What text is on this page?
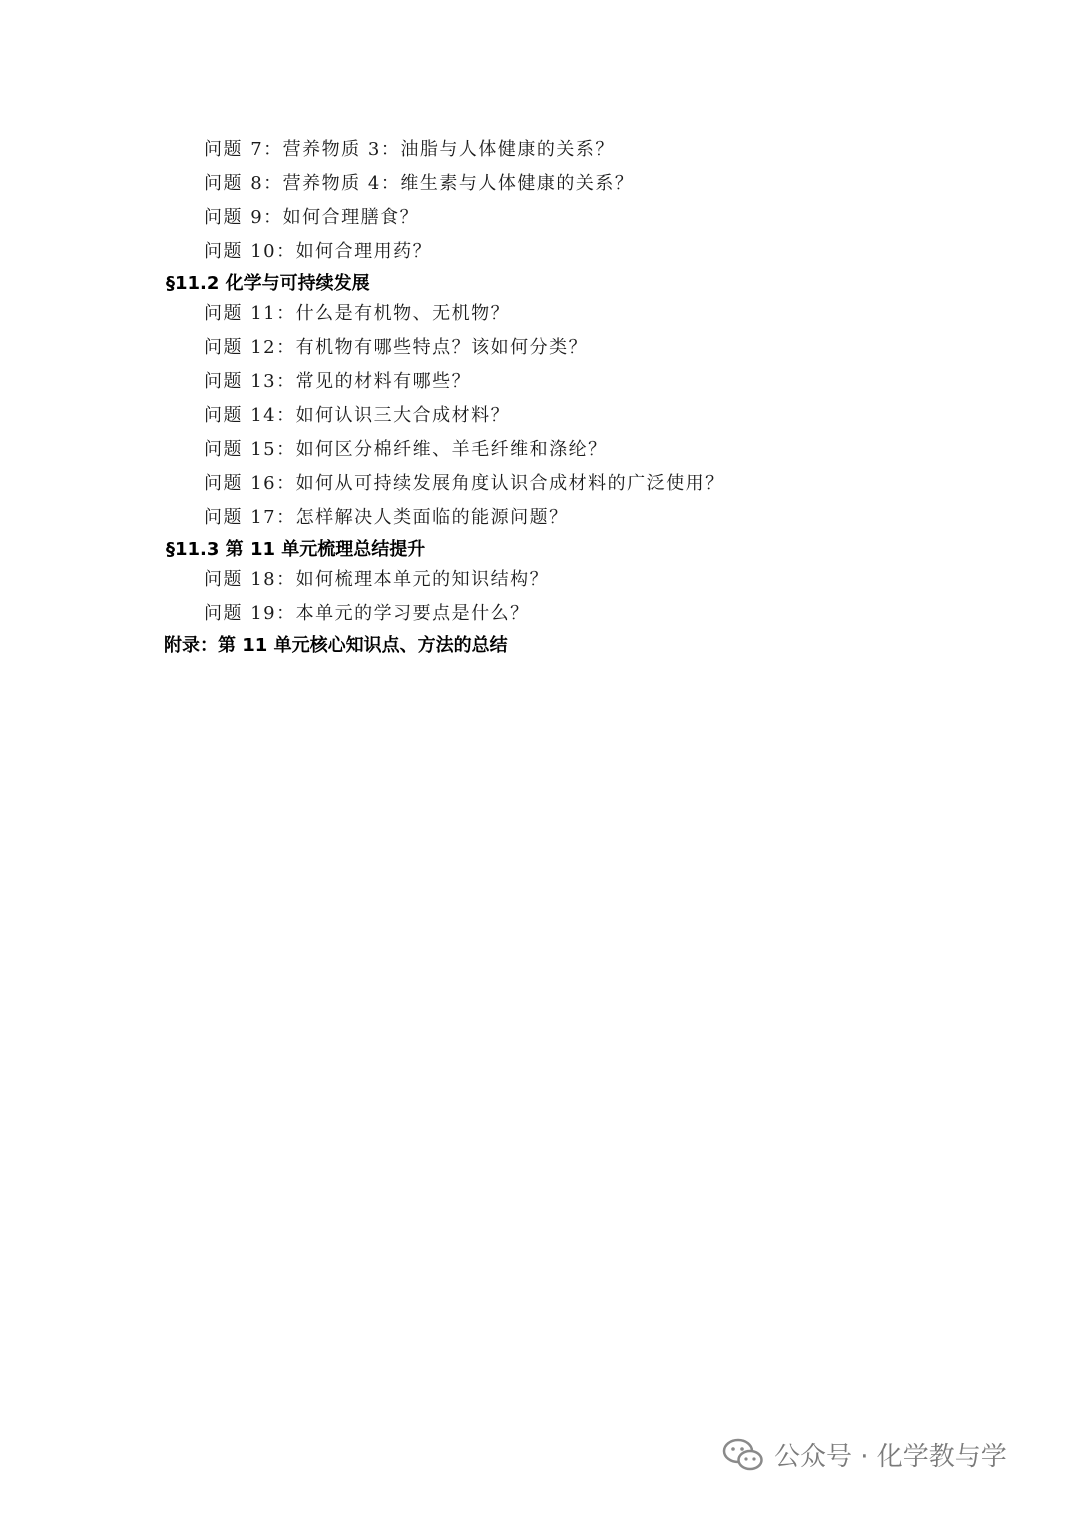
问题 7：营养物质 3：油脂与人体健康的关系？
问题 8：营养物质 4：维生素与人体健康的关系？
问题 9：如何合理膳食？
问题 10：如何合理用药？
§11.2 化学与可持续发展
问题 11：什么是有机物、无机物？
问题 12：有机物有哪些特点？该如何分类？
问题 13：常见的材料有哪些？
问题 14：如何认识三大合成材料？
问题 15：如何区分棉纤维、羊毛纤维和涤纶？
问题 16：如何从可持续发展角度认识合成材料的广泛使用？
问题 17：怎样解决人类面临的能源问题？
§11.3 第 11 单元梳理总结提升
问题 18：如何梳理本单元的知识结构？
问题 19：本单元的学习要点是什么？
附录：第 11 单元核心知识点、方法的总结
公众号 · 化学教与学
